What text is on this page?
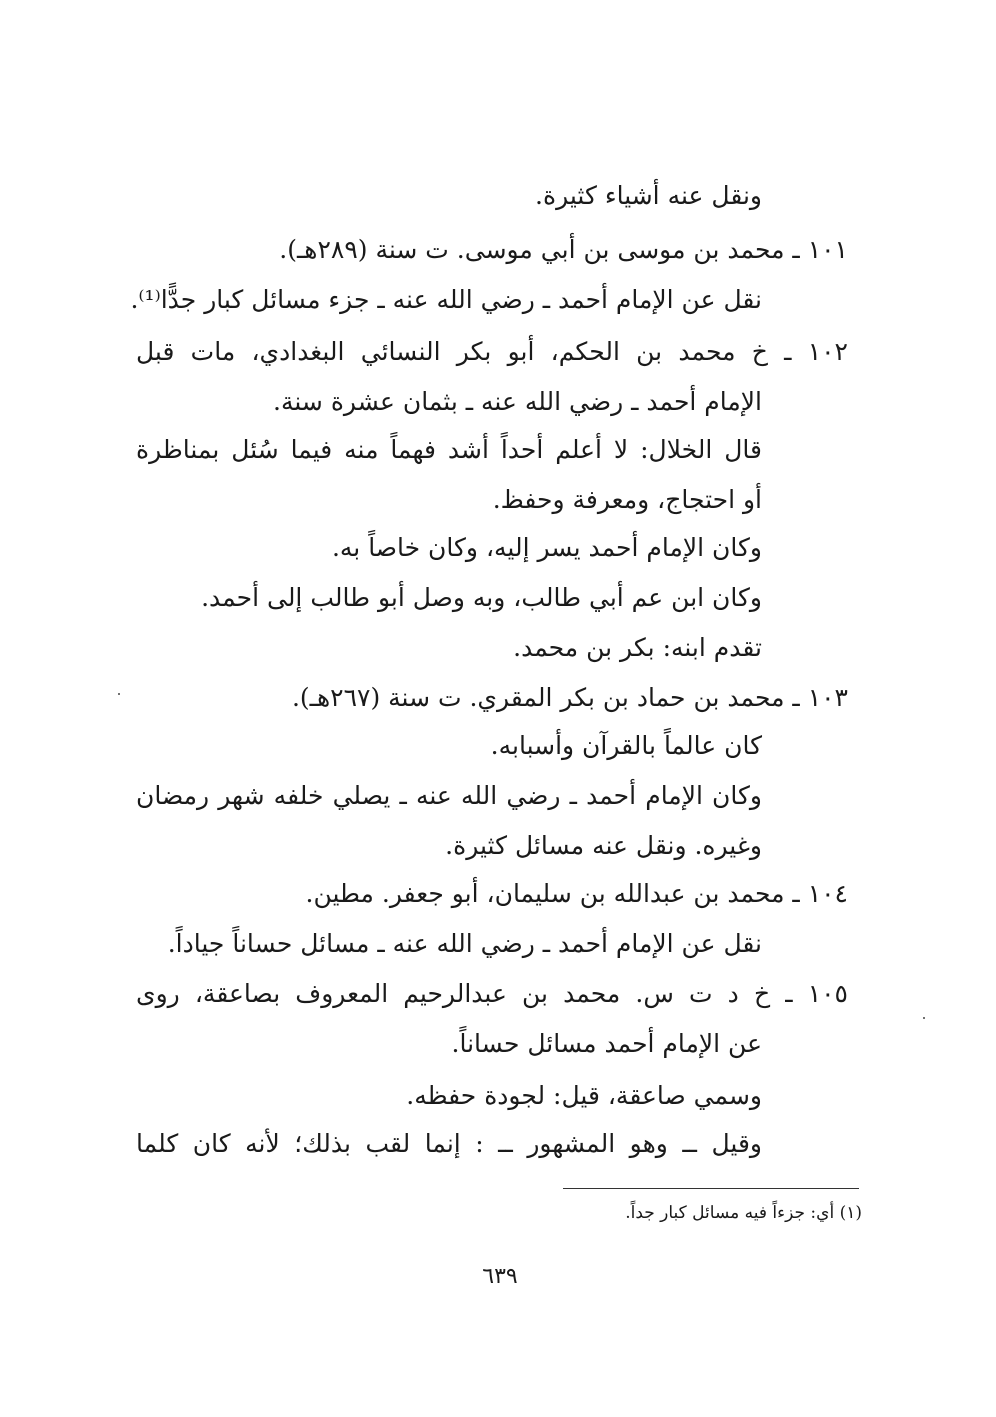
ونقل عنه أشياء كثيرة.
١٠١ ـ محمد بن موسى بن أبي موسى. ت سنة (٢٨٩هـ).
نقل عن الإمام أحمد ـ رضي الله عنه ـ جزء مسائل كبار جدًّا⁽¹⁾.
١٠٢ ـ خ محمد بن الحكم، أبو بكر النسائي البغدادي، مات قبل
الإمام أحمد ـ رضي الله عنه ـ بثمان عشرة سنة.
قال الخلال: لا أعلم أحداً أشد فهماً منه فيما سُئل بمناظرة
أو احتجاج، ومعرفة وحفظ.
وكان الإمام أحمد يسر إليه، وكان خاصاً به.
وكان ابن عم أبي طالب، وبه وصل أبو طالب إلى أحمد.
تقدم ابنه: بكر بن محمد.
١٠٣ ـ محمد بن حماد بن بكر المقري. ت سنة (٢٦٧هـ).
كان عالماً بالقرآن وأسبابه.
وكان الإمام أحمد ـ رضي الله عنه ـ يصلي خلفه شهر رمضان
وغيره. ونقل عنه مسائل كثيرة.
١٠٤ ـ محمد بن عبدالله بن سليمان، أبو جعفر. مطين.
نقل عن الإمام أحمد ـ رضي الله عنه ـ مسائل حساناً جياداً.
١٠٥ ـ خ د ت س. محمد بن عبدالرحيم المعروف بصاعقة، روى
عن الإمام أحمد مسائل حساناً.
وسمي صاعقة، قيل: لجودة حفظه.
وقيل ــ وهو المشهور ــ : إنما لقب بذلك؛ لأنه كان كلما
(١) أي: جزءاً فيه مسائل كبار جداً.
٦٣٩
